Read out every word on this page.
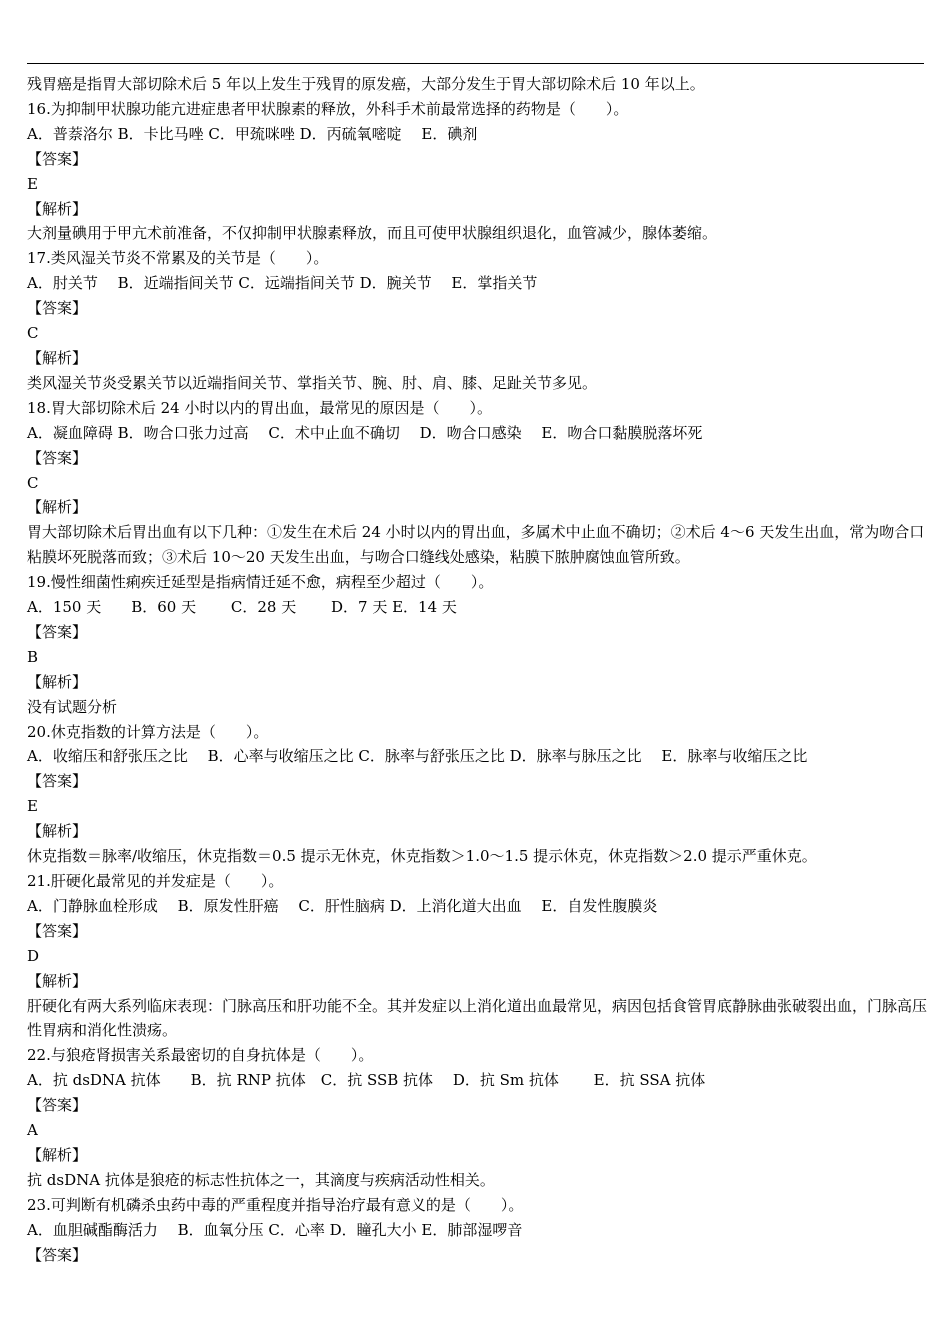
残胃癌是指胃大部切除术后 5 年以上发生于残胃的原发癌，大部分发生于胃大部切除术后 10 年以上。
16.为抑制甲状腺功能亢进症患者甲状腺素的释放，外科手术前最常选择的药物是（　　）。
A．普萘洛尔 B．卡比马唑 C．甲巯咪唑 D．丙硫氧嘧啶　 E．碘剂
【答案】
E
【解析】
大剂量碘用于甲亢术前准备，不仅抑制甲状腺素释放，而且可使甲状腺组织退化，血管减少，腺体萎缩。
17.类风湿关节炎不常累及的关节是（　　）。
A．肘关节　 B．近端指间关节 C．远端指间关节 D．腕关节　 E．掌指关节
【答案】
C
【解析】
类风湿关节炎受累关节以近端指间关节、掌指关节、腕、肘、肩、膝、足趾关节多见。
18.胃大部切除术后 24 小时以内的胃出血，最常见的原因是（　　）。
A．凝血障碍 B．吻合口张力过高　 C．术中止血不确切　 D．吻合口感染　 E．吻合口黏膜脱落坏死
【答案】
C
【解析】
胃大部切除术后胃出血有以下几种：①发生在术后 24 小时以内的胃出血，多属术中止血不确切；②术后 4～6 天发生出血，常为吻合口粘膜坏死脱落而致；③术后 10～20 天发生出血，与吻合口缝线处感染，粘膜下脓肿腐蚀血管所致。
19.慢性细菌性痢疾迁延型是指病情迁延不愈，病程至少超过（　　）。
A．150 天　　B．60 天　　 C．28 天　　 D．7 天 E．14 天
【答案】
B
【解析】
没有试题分析
20.休克指数的计算方法是（　　）。
A．收缩压和舒张压之比　 B．心率与收缩压之比 C．脉率与舒张压之比 D．脉率与脉压之比　 E．脉率与收缩压之比
【答案】
E
【解析】
休克指数＝脉率/收缩压，休克指数＝0.5 提示无休克，休克指数＞1.0～1.5 提示休克，休克指数＞2.0 提示严重休克。
21.肝硬化最常见的并发症是（　　）。
A．门静脉血栓形成　 B．原发性肝癌　 C．肝性脑病 D．上消化道大出血　 E．自发性腹膜炎
【答案】
D
【解析】
肝硬化有两大系列临床表现：门脉高压和肝功能不全。其并发症以上消化道出血最常见，病因包括食管胃底静脉曲张破裂出血，门脉高压性胃病和消化性溃疡。
22.与狼疮肾损害关系最密切的自身抗体是（　　）。
A．抗 dsDNA 抗体　　B．抗 RNP 抗体　C．抗 SSB 抗体　 D．抗 Sm 抗体　　 E．抗 SSA 抗体
【答案】
A
【解析】
抗 dsDNA 抗体是狼疮的标志性抗体之一，其滴度与疾病活动性相关。
23.可判断有机磷杀虫药中毒的严重程度并指导治疗最有意义的是（　　）。
A．血胆碱酯酶活力　 B．血氧分压 C．心率 D．瞳孔大小 E．肺部湿啰音
【答案】
